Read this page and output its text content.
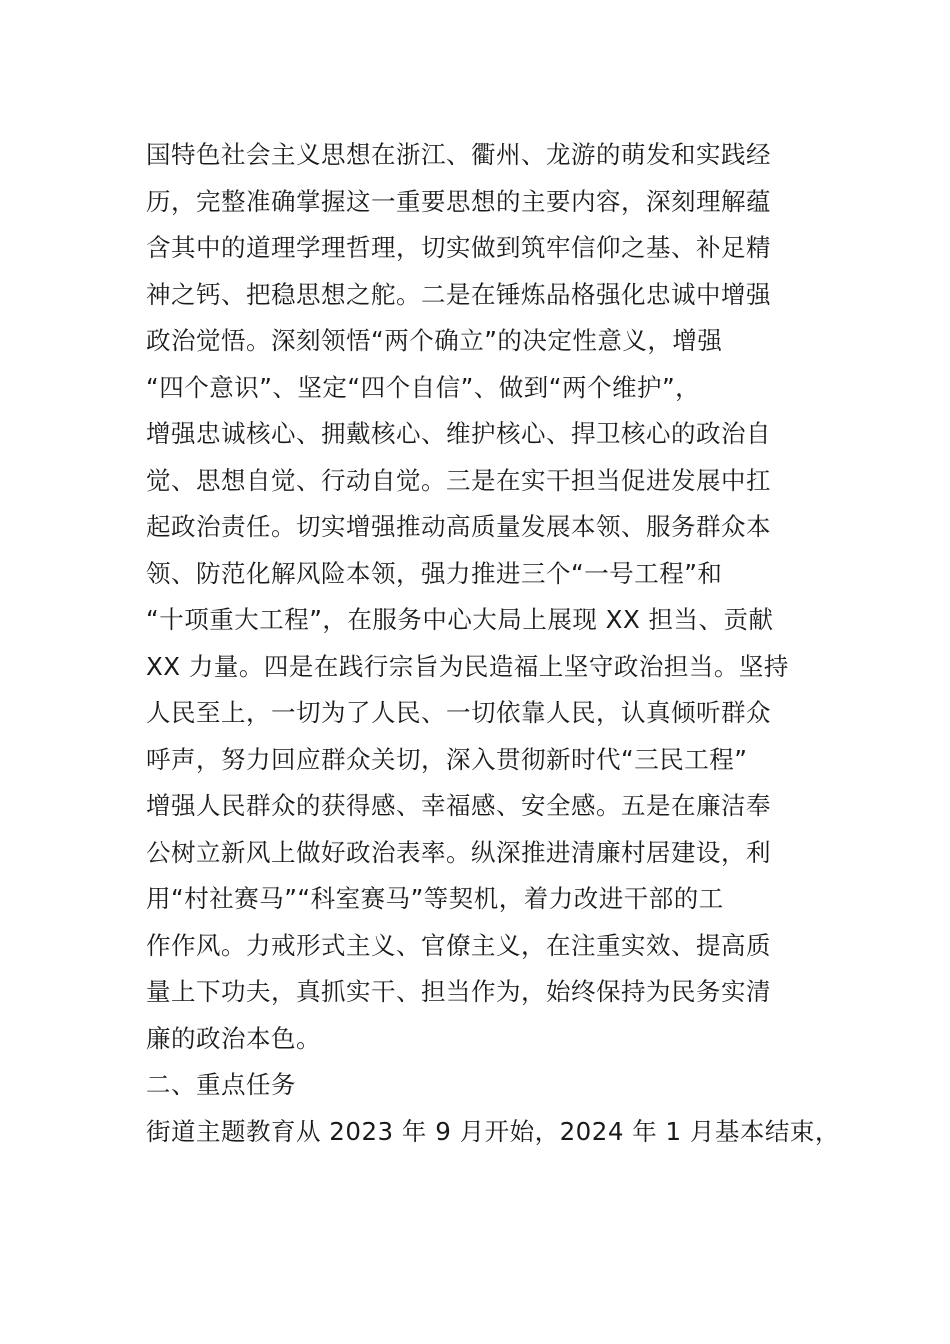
国特色社会主义思想在浙江、衢州、龙游的萌发和实践经
历，完整准确掌握这一重要思想的主要内容，深刻理解蕴
含其中的道理学理哲理，切实做到筑牢信仰之基、补足精
神之钙、把稳思想之舵。二是在锤炼品格强化忠诚中增强
政治觉悟。深刻领悟“两个确立”的决定性意义，增强
“四个意识”、坚定“四个自信”、做到“两个维护”，
增强忠诚核心、拥戴核心、维护核心、捍卫核心的政治自
觉、思想自觉、行动自觉。三是在实干担当促进发展中扛
起政治责任。切实增强推动高质量发展本领、服务群众本
领、防范化解风险本领，强力推进三个“一号工程”和
“十项重大工程”，在服务中心大局上展现 XX 担当、贡献
XX 力量。四是在践行宗旨为民造福上坚守政治担当。坚持
人民至上，一切为了人民、一切依靠人民，认真倾听群众
呼声，努力回应群众关切，深入贯彻新时代“三民工程”
增强人民群众的获得感、幸福感、安全感。五是在廉洁奉
公树立新风上做好政治表率。纵深推进清廉村居建设，利
用“村社赛马”“科室赛马”等契机，着力改进干部的工
作作风。力戒形式主义、官僚主义，在注重实效、提高质
量上下功夫，真抓实干、担当作为，始终保持为民务实清
廉的政治本色。
二、重点任务
街道主题教育从 2023 年 9 月开始，2024 年 1 月基本结束，
